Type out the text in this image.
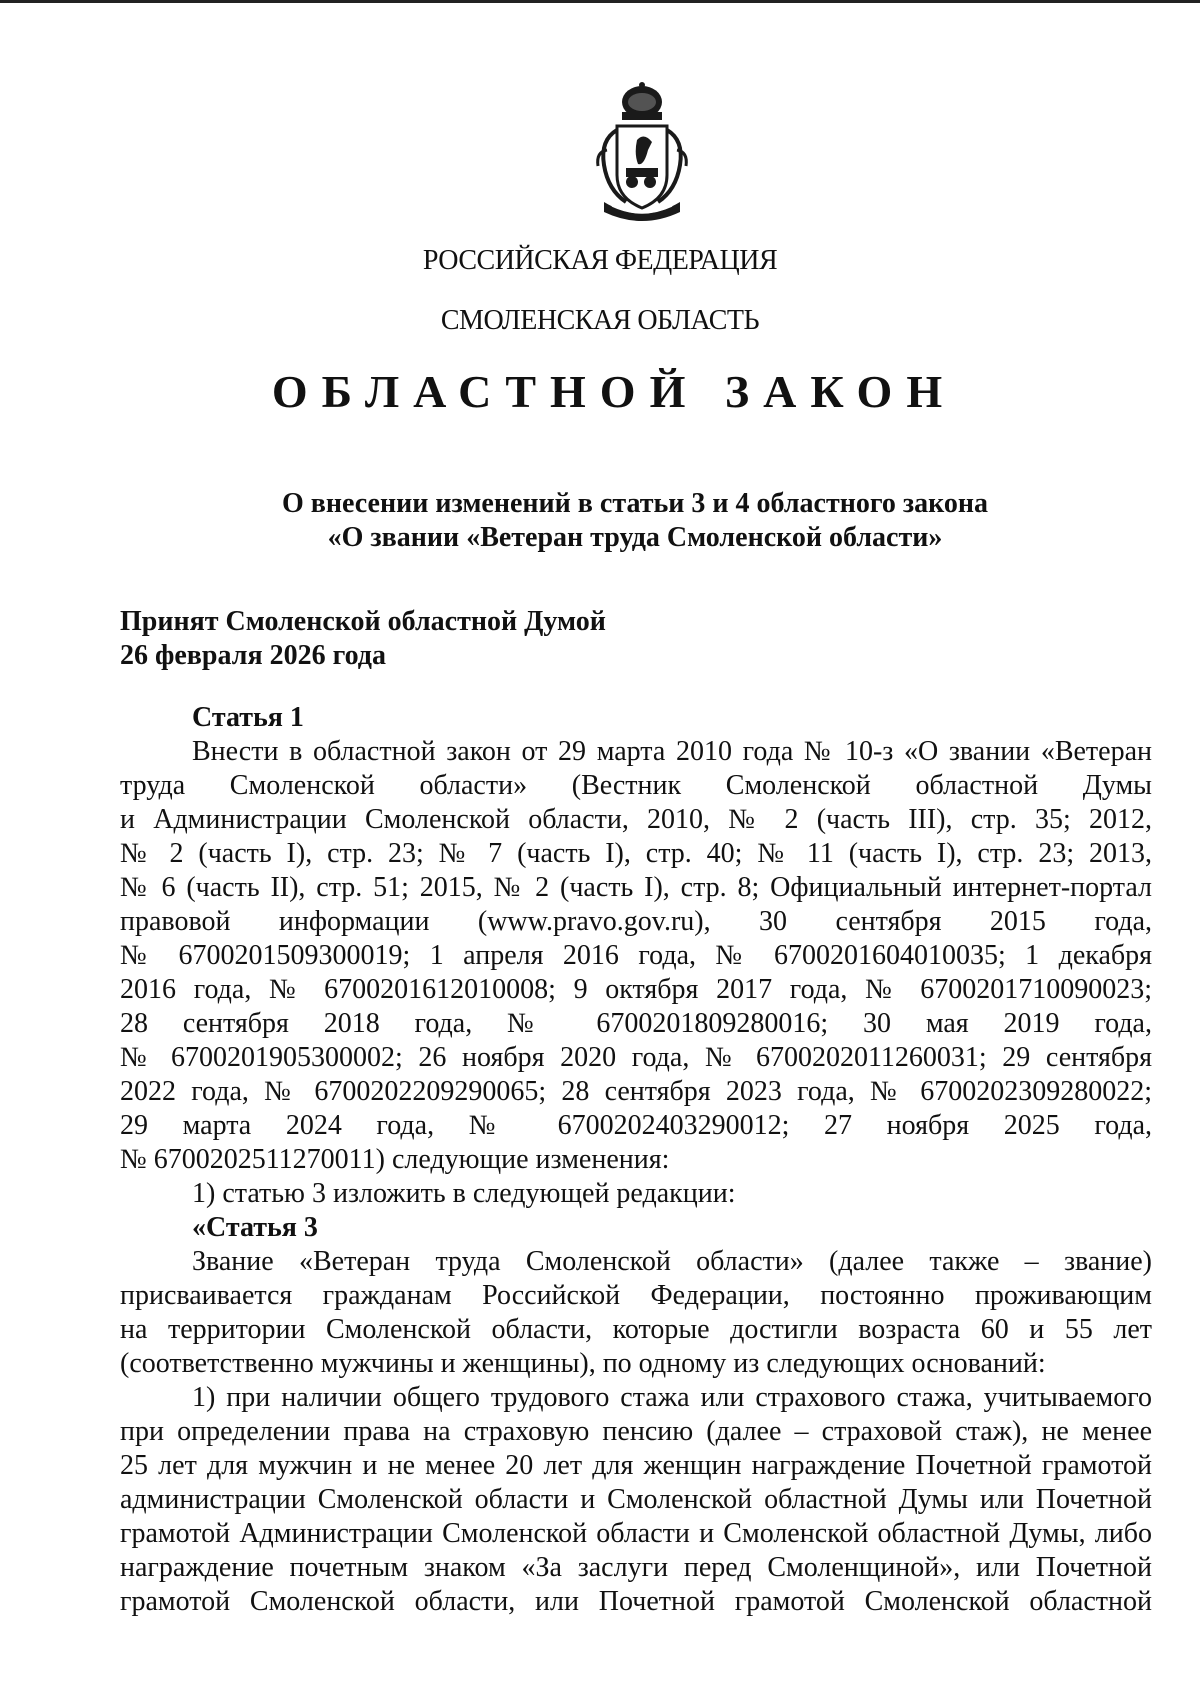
РОССИЙСКАЯ ФЕДЕРАЦИЯ
СМОЛЕНСКАЯ ОБЛАСТЬ
ОБЛАСТНОЙ ЗАКОН
О внесении изменений в статьи 3 и 4 областного закона
«О звании «Ветеран труда Смоленской области»
Принят Смоленской областной Думой
26 февраля 2026 года
Статья 1
Внести в областной закон от 29 марта 2010 года № 10-з «О звании «Ветеран
труда Смоленской области» (Вестник Смоленской областной Думы
и Администрации Смоленской области, 2010, № 2 (часть III), стр. 35; 2012,
№ 2 (часть I), стр. 23; № 7 (часть I), стр. 40; № 11 (часть I), стр. 23; 2013,
№ 6 (часть II), стр. 51; 2015, № 2 (часть I), стр. 8; Официальный интернет-портал
правовой информации (www.pravo.gov.ru), 30 сентября 2015 года,
№ 6700201509300019; 1 апреля 2016 года, № 6700201604010035; 1 декабря
2016 года, № 6700201612010008; 9 октября 2017 года, № 6700201710090023;
28 сентября 2018 года, № 6700201809280016; 30 мая 2019 года,
№ 6700201905300002; 26 ноября 2020 года, № 6700202011260031; 29 сентября
2022 года, № 6700202209290065; 28 сентября 2023 года, № 6700202309280022;
29 марта 2024 года, № 6700202403290012; 27 ноября 2025 года,
№ 6700202511270011) следующие изменения:
1) статью 3 изложить в следующей редакции:
«Статья 3
Звание «Ветеран труда Смоленской области» (далее также – звание)
присваивается гражданам Российской Федерации, постоянно проживающим
на территории Смоленской области, которые достигли возраста 60 и 55 лет
(соответственно мужчины и женщины), по одному из следующих оснований:
1) при наличии общего трудового стажа или страхового стажа, учитываемого
при определении права на страховую пенсию (далее – страховой стаж), не менее
25 лет для мужчин и не менее 20 лет для женщин награждение Почетной грамотой
администрации Смоленской области и Смоленской областной Думы или Почетной
грамотой Администрации Смоленской области и Смоленской областной Думы, либо
награждение почетным знаком «За заслуги перед Смоленщиной», или Почетной
грамотой Смоленской области, или Почетной грамотой Смоленской областной
